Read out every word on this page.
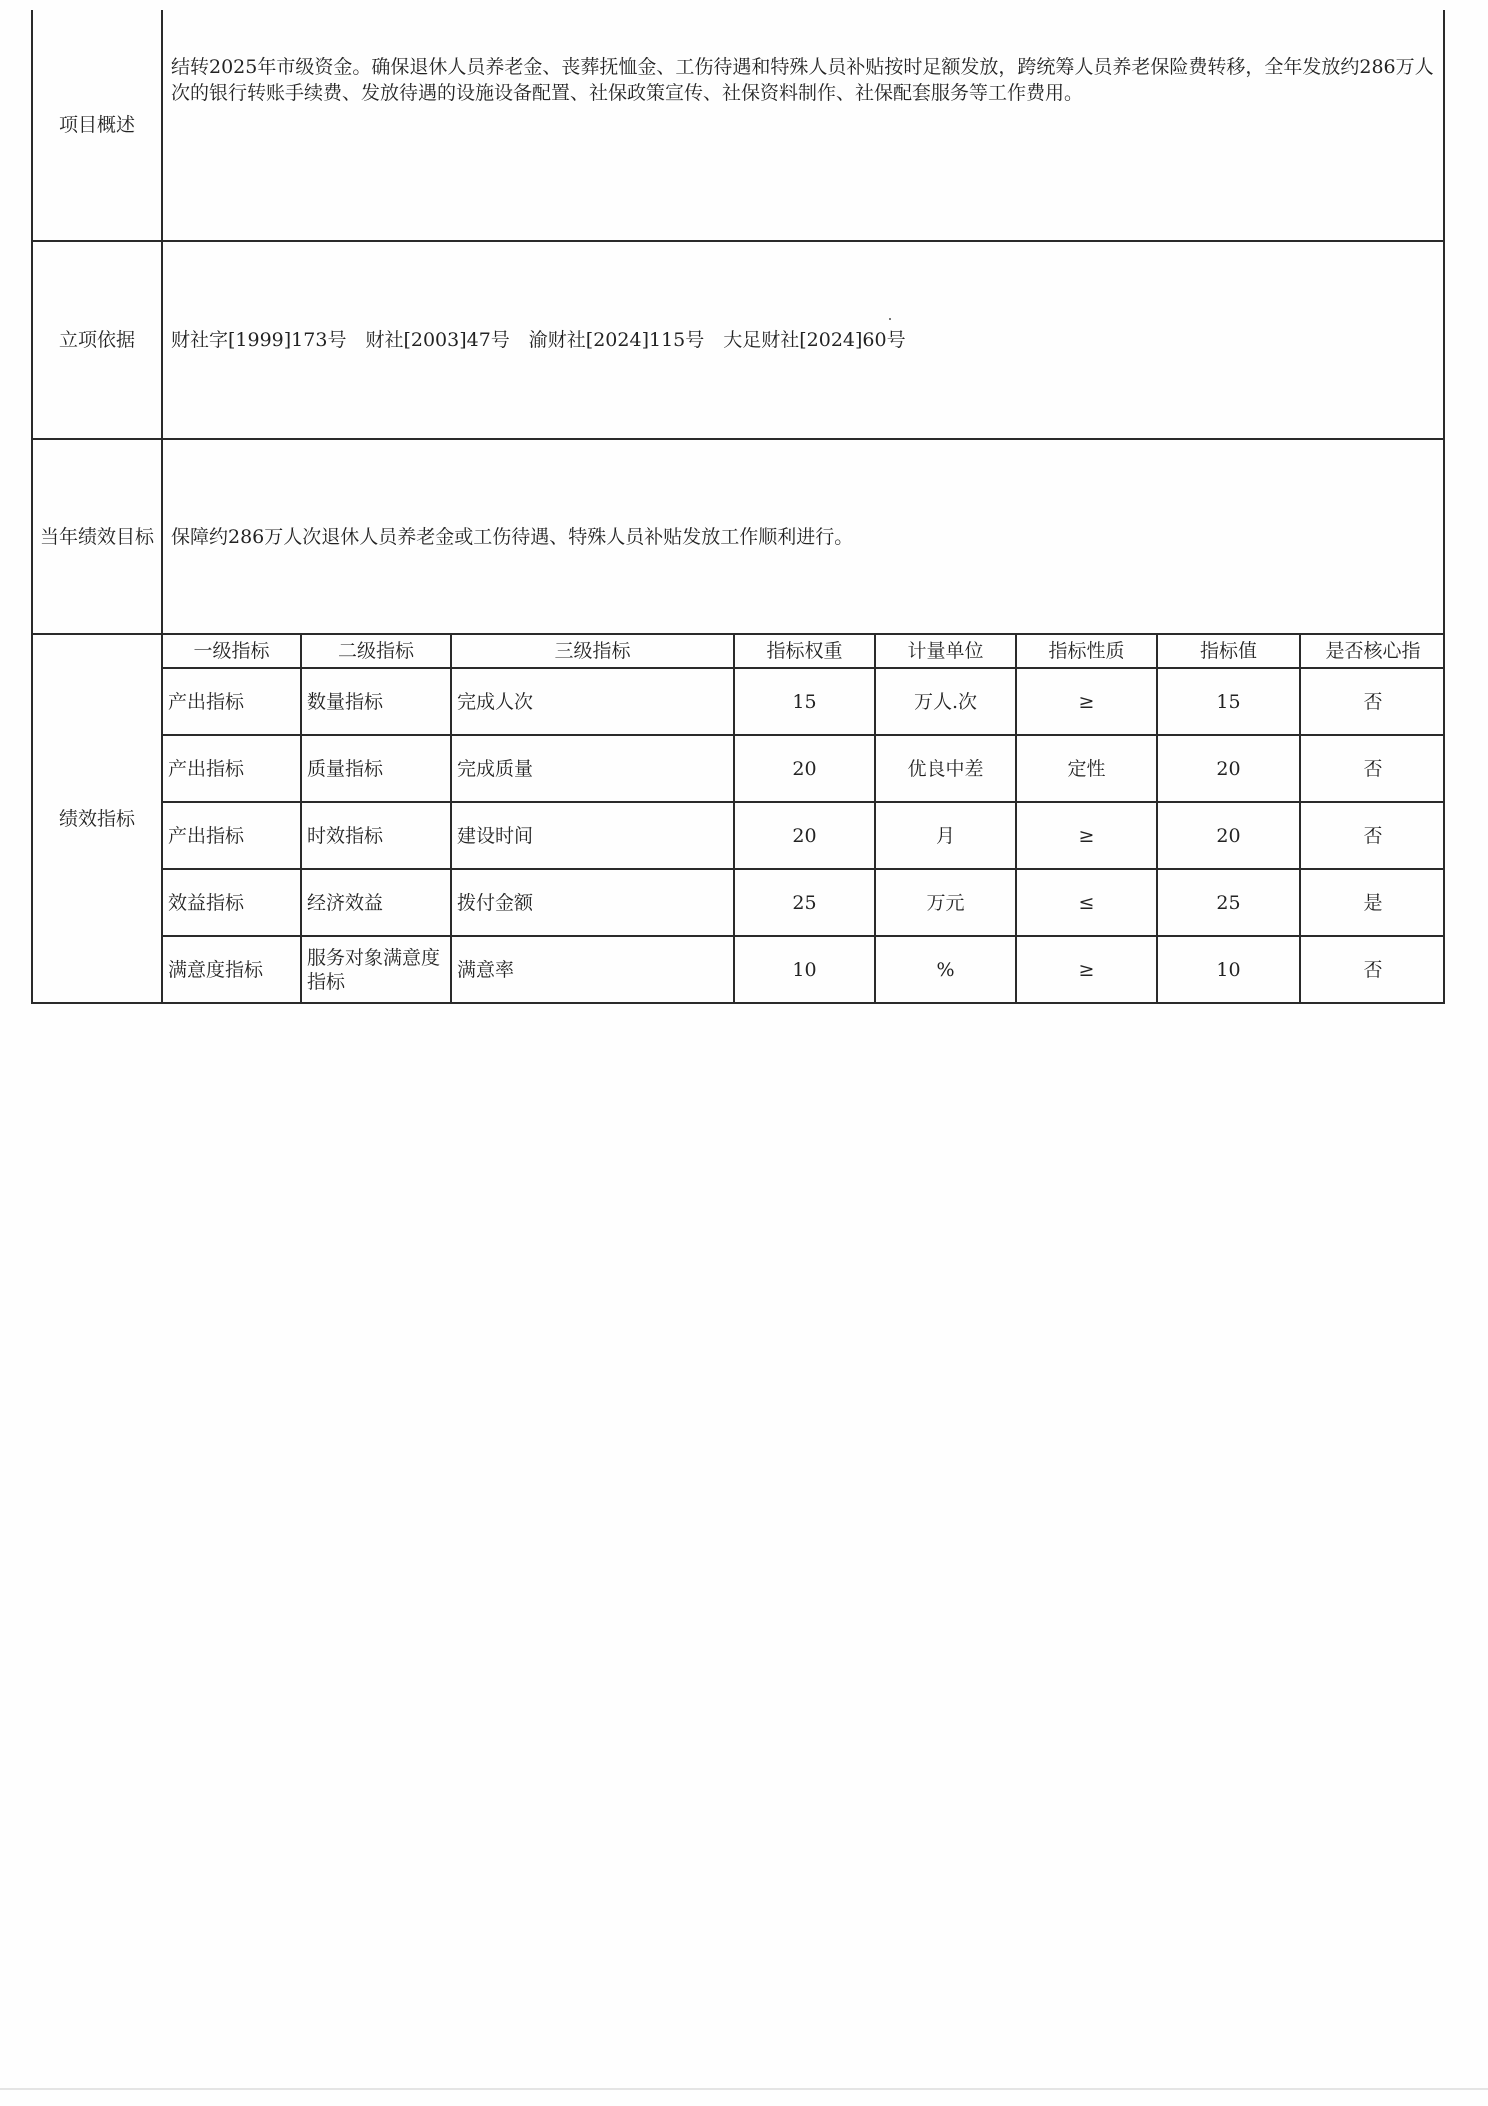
项目概述	结转2025年市级资金。确保退休人员养老金、丧葬抚恤金、工伤待遇和特殊人员补贴按时足额发放，跨统筹人员养老保险费转移，全年发放约286万人次的银行转账手续费、发放待遇的设施设备配置、社保政策宣传、社保资料制作、社保配套服务等工作费用。
立项依据	财社字[1999]173号　财社[2003]47号　渝财社[2024]115号　大足财社[2024]60号
当年绩效目标	保障约286万人次退休人员养老金或工伤待遇、特殊人员补贴发放工作顺利进行。
绩效指标	
一级指标	二级指标	三级指标	指标权重	计量单位	指标性质	指标值	是否核心指
产出指标	数量指标	完成人次	15	万人.次	≥	15	否
产出指标	质量指标	完成质量	20	优良中差	定性	20	否
产出指标	时效指标	建设时间	20	月	≥	20	否
效益指标	经济效益	拨付金额	25	万元	≤	25	是
满意度指标	服务对象满意度指标	满意率	10	%	≥	10	否
